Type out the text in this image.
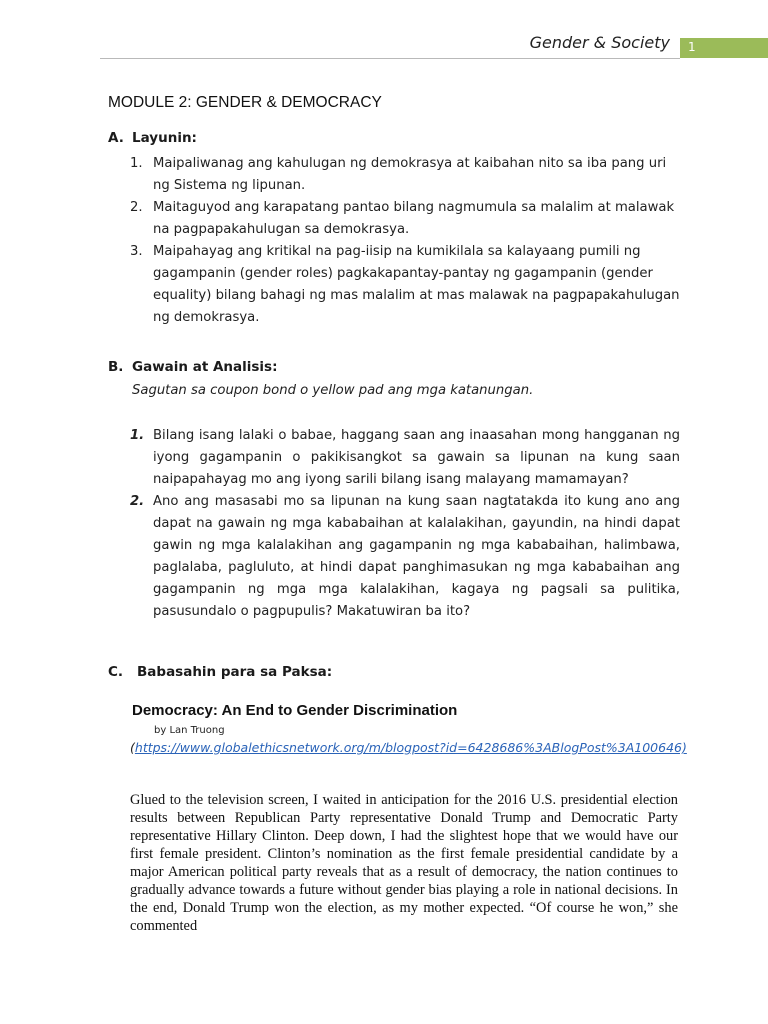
Gender & Society 1
MODULE 2: GENDER & DEMOCRACY
A. Layunin:
1. Maipaliwanag ang kahulugan ng demokrasya at kaibahan nito sa iba pang uri ng Sistema ng lipunan.
2. Maitaguyod ang karapatang pantao bilang nagmumula sa malalim at malawak na pagpapakahulugan sa demokrasya.
3. Maipahayag ang kritikal na pag-iisip na kumikilala sa kalayaang pumili ng gagampanin (gender roles) pagkakapantay-pantay ng gagampanin (gender equality) bilang bahagi ng mas malalim at mas malawak na pagpapakahulugan ng demokrasya.
B. Gawain at Analisis:
Sagutan sa coupon bond o yellow pad ang mga katanungan.
1. Bilang isang lalaki o babae, haggang saan ang inaasahan mong hangganan ng iyong gagampanin o pakikisangkot sa gawain sa lipunan na kung saan naipapahayag mo ang iyong sarili bilang isang malayang mamamayan?
2. Ano ang masasabi mo sa lipunan na kung saan nagtatakda ito kung ano ang dapat na gawain ng mga kababaihan at kalalakihan, gayundin, na hindi dapat gawin ng mga kalalakihan ang gagampanin ng mga kababaihan, halimbawa, paglalaba, pagluluto, at hindi dapat panghimasukan ng mga kababaihan ang gagampanin ng mga mga kalalakihan, kagaya ng pagsali sa pulitika, pasusundalo o pagpupulis? Makatuwiran ba ito?
C. Babasahin para sa Paksa:
Democracy: An End to Gender Discrimination
by Lan Truong
(https://www.globalethicsnetwork.org/m/blogpost?id=6428686%3ABlogPost%3A100646)
Glued to the television screen, I waited in anticipation for the 2016 U.S. presidential election results between Republican Party representative Donald Trump and Democratic Party representative Hillary Clinton. Deep down, I had the slightest hope that we would have our first female president. Clinton’s nomination as the first female presidential candidate by a major American political party reveals that as a result of democracy, the nation continues to gradually advance towards a future without gender bias playing a role in national decisions. In the end, Donald Trump won the election, as my mother expected. “Of course he won,” she commented
